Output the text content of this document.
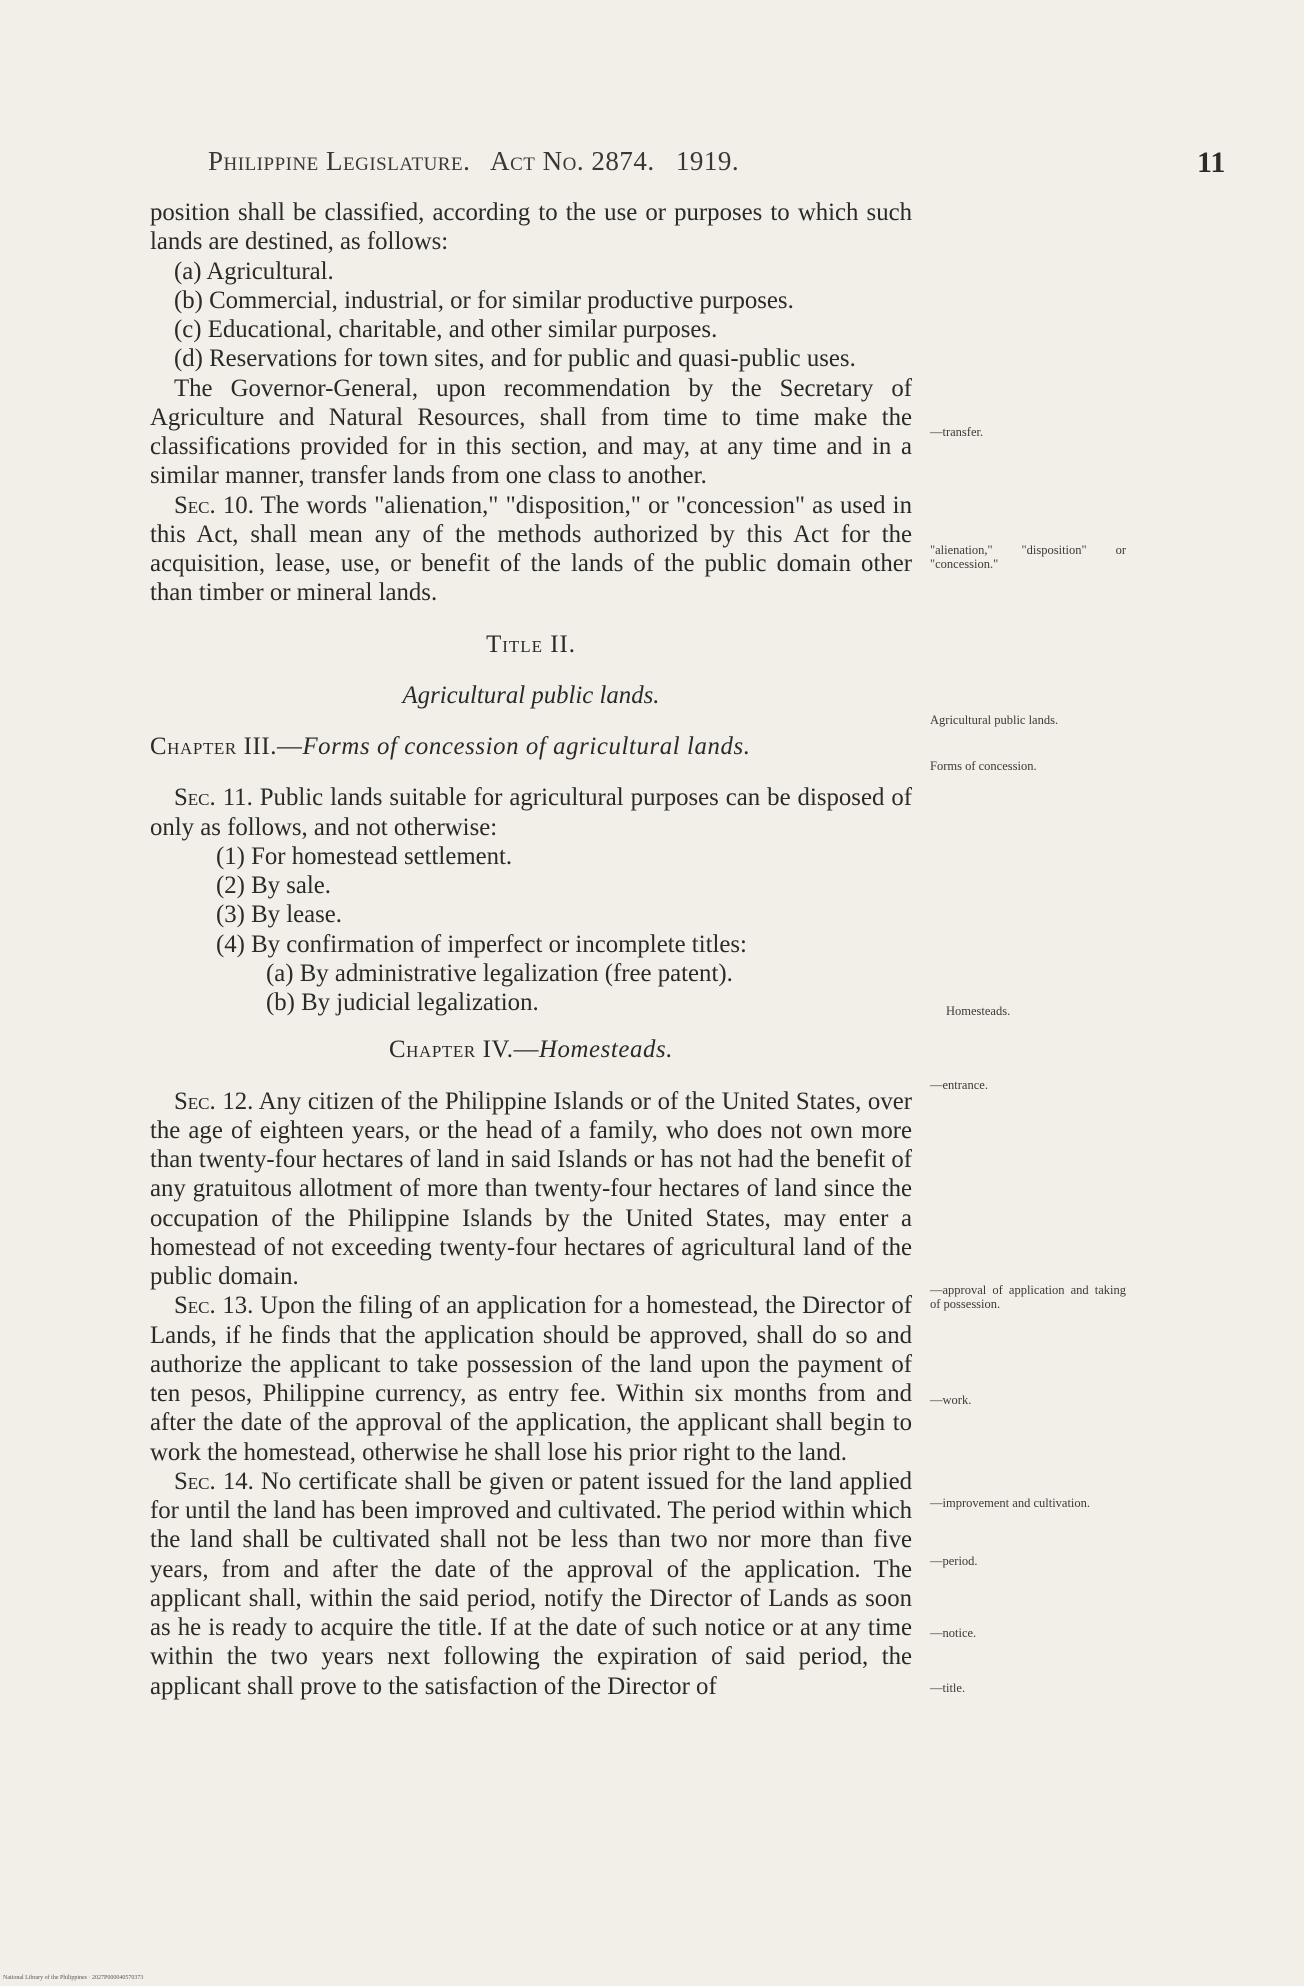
Philippine Legislature. Act No. 2874. 1919.	11

position shall be classified, according to the use or purposes to which such lands are destined, as follows:

(a) Agricultural.

(b) Commercial, industrial, or for similar productive purposes.

(c) Educational, charitable, and other similar purposes.

(d) Reservations for town sites, and for public and quasi-public uses.

The Governor-General, upon recommendation by the Secretary of Agriculture and Natural Resources, shall from time to time make the classifications provided for in this section, and may, at any time and in a similar manner, transfer lands from one class to another.

Sec. 10. The words "alienation," "disposition," or "concession" as used in this Act, shall mean any of the methods authorized by this Act for the acquisition, lease, use, or benefit of the lands of the public domain other than timber or mineral lands.

Title II.

Agricultural public lands.

Chapter III.—Forms of concession of agricultural lands.

Sec. 11. Public lands suitable for agricultural purposes can be disposed of only as follows, and not otherwise:

(1) For homestead settlement.

(2) By sale.

(3) By lease.

(4) By confirmation of imperfect or incomplete titles:

(a) By administrative legalization (free patent).

(b) By judicial legalization.

Chapter IV.—Homesteads.

Sec. 12. Any citizen of the Philippine Islands or of the United States, over the age of eighteen years, or the head of a family, who does not own more than twenty-four hectares of land in said Islands or has not had the benefit of any gratuitous allotment of more than twenty-four hectares of land since the occupation of the Philippine Islands by the United States, may enter a homestead of not exceeding twenty-four hectares of agricultural land of the public domain.

Sec. 13. Upon the filing of an application for a homestead, the Director of Lands, if he finds that the application should be approved, shall do so and authorize the applicant to take possession of the land upon the payment of ten pesos, Philippine currency, as entry fee. Within six months from and after the date of the approval of the application, the applicant shall begin to work the homestead, otherwise he shall lose his prior right to the land.

Sec. 14. No certificate shall be given or patent issued for the land applied for until the land has been improved and cultivated. The period within which the land shall be cultivated shall not be less than two nor more than five years, from and after the date of the approval of the application. The applicant shall, within the said period, notify the Director of Lands as soon as he is ready to acquire the title. If at the date of such notice or at any time within the two years next following the expiration of said period, the applicant shall prove to the satisfaction of the Director of

—transfer.
"alienation," "disposition" or "concession."
Agricultural public lands.
Forms of concession.
Homesteads.
—entrance.
—approval of application and taking of possession.
—work.
—improvement and cultivation.
—period.
—notice.
—title.
National Library of the Philippines · 2027P000040570373
